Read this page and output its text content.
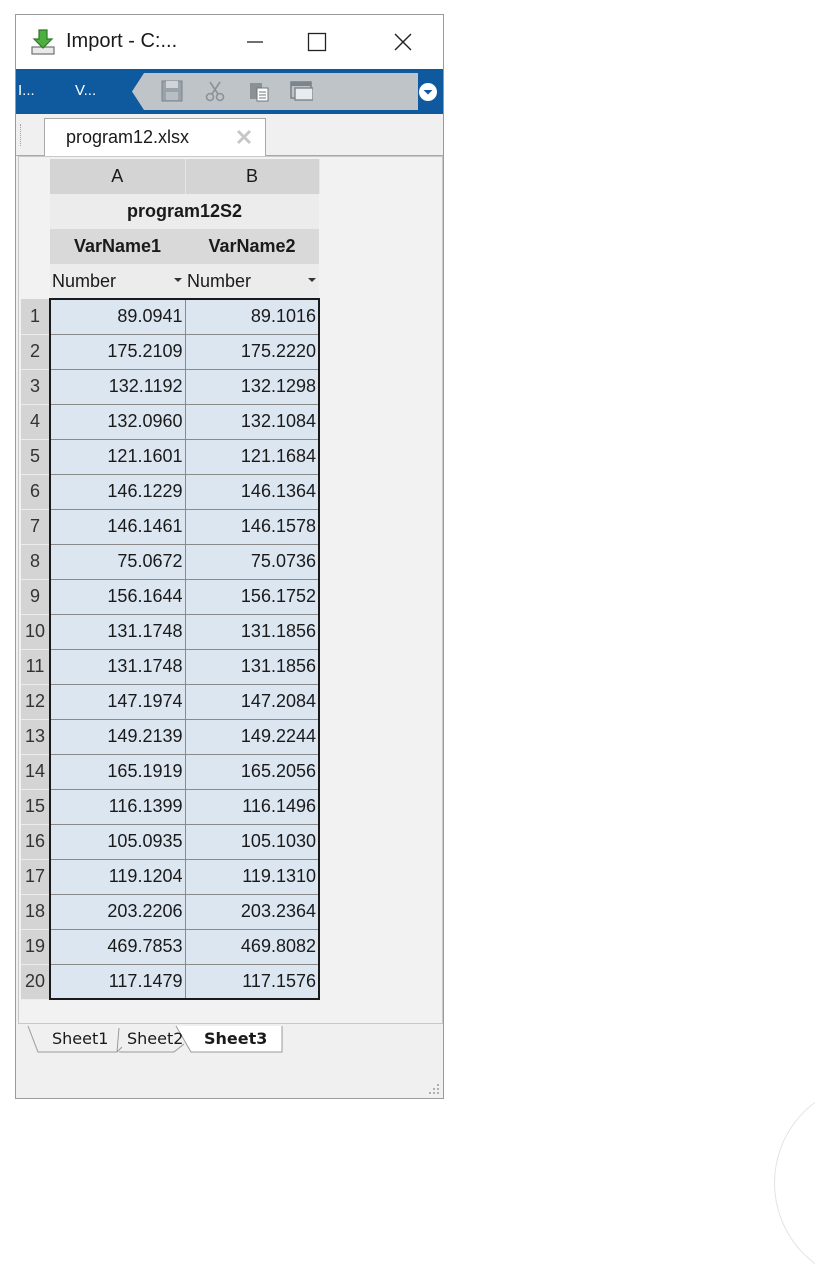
Import - C:...
I...	V...
program12.xlsx
	A	B
	program12S2	
	VarName1	VarName2
	Number	Number

1	89.0941	89.1016
2	175.2109	175.2220
3	132.1192	132.1298
4	132.0960	132.1084
5	121.1601	121.1684
6	146.1229	146.1364
7	146.1461	146.1578
8	75.0672	75.0736
9	156.1644	156.1752
10	131.1748	131.1856
11	131.1748	131.1856
12	147.1974	147.2084
13	149.2139	149.2244
14	165.1919	165.2056
15	116.1399	116.1496
16	105.0935	105.1030
17	119.1204	119.1310
18	203.2206	203.2364
19	469.7853	469.8082
20	117.1479	117.1576
Sheet1 Sheet2 Sheet3
